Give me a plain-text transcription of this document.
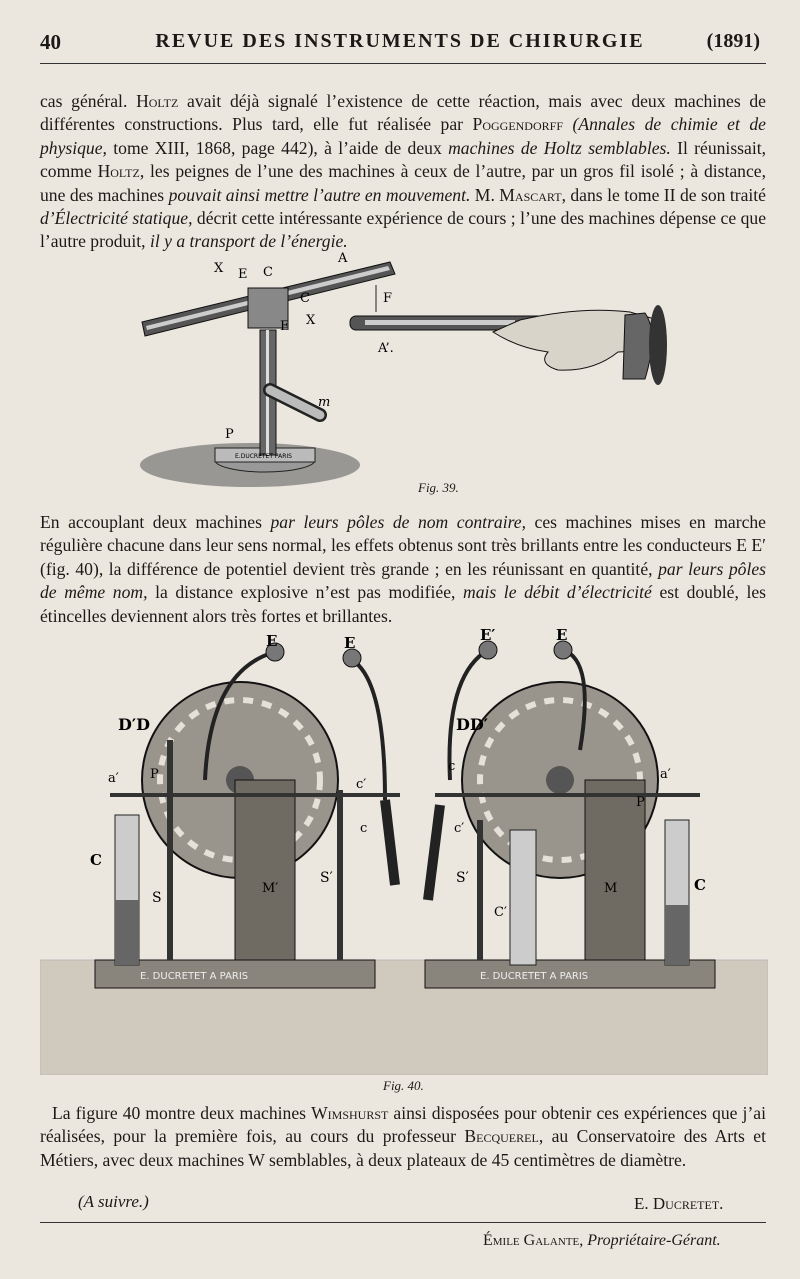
40	REVUE DES INSTRUMENTS DE CHIRURGIE	(1891)
cas général. Holtz avait déjà signalé l’existence de cette réaction, mais avec deux machines de différentes constructions. Plus tard, elle fut réalisée par Poggendorff (Annales de chimie et de physique, tome XIII, 1868, page 442), à l’aide de deux machines de Holtz semblables. Il réunissait, comme Holtz, les peignes de l’une des machines à ceux de l’autre, par un gros fil isolé ; à distance, une des machines pouvait ainsi mettre l’autre en mouvement. M. Mascart, dans le tome II de son traité d’Électricité statique, décrit cette intéressante expérience de cours ; l’une des machines dépense ce que l’autre produit, il y a transport de l’énergie.
X E C
A
F
C
X
E
A’.
m
P
E.DUCRETET PARIS
Fig. 39.
En accouplant deux machines par leurs pôles de nom contraire, ces machines mises en marche régulière chacune dans leur sens normal, les effets obtenus sont très brillants entre les conducteurs E E′ (fig. 40), la différence de potentiel devient très grande ; en les réunissant en quantité, par leurs pôles de même nom, la distance explosive n’est pas modifiée, mais le débit d’électricité est doublé, les étincelles deviennent alors très fortes et brillantes.
E	E	E′	E
D′D	DD′
a′ P
C
S
S′
M′
c′
c
S′
C′
M
a′
P
C
c
c′
E. DUCRETET A PARIS	E. DUCRETET A PARIS
Fig. 40.
La figure 40 montre deux machines Wimshurst ainsi disposées pour obtenir ces expériences que j’ai réalisées, pour la première fois, au cours du professeur Becquerel, au Conservatoire des Arts et Métiers, avec deux machines W semblables, à deux plateaux de 45 centimètres de diamètre.
(A suivre.)	E. Ducretet.
Émile Galante, Propriétaire-Gérant.
